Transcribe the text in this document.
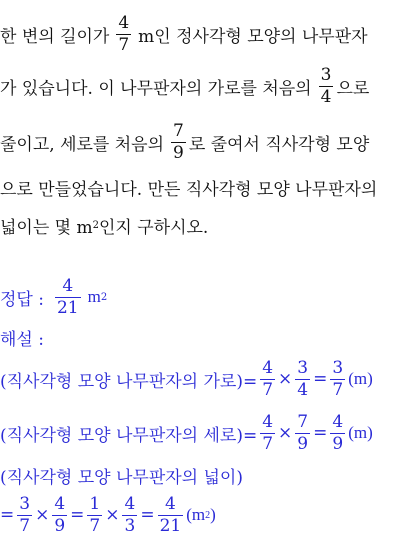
한 변의 길이가 $\frac{4}{7}$ m인 정사각형 모양의 나무판자
가 있습니다. 이 나무판자의 가로를 처음의 $\frac{3}{4}$ 으로
줄이고, 세로를 처음의 $\frac{7}{9}$ 로 줄여서 직사각형 모양
으로 만들었습니다. 만든 직사각형 모양 나무판자의
넓이는 몇 m 2 인지 구하시오.
정답 : $\frac{4}{21}$ m 2
해설 :
(직사각형 모양 나무판자의 가로)= $\frac{4}{7} \times \frac{3}{4} = \frac{3}{7} (m)$
(직사각형 모양 나무판자의 세로)= $\frac{4}{7} \times \frac{7}{9} = \frac{4}{9} (m)$
(직사각형 모양 나무판자의 넓이)
= $\frac{3}{7} \times \frac{4}{9} = \frac{1}{7} \times \frac{4}{3} = \frac{4}{21} (m$ 2 )
